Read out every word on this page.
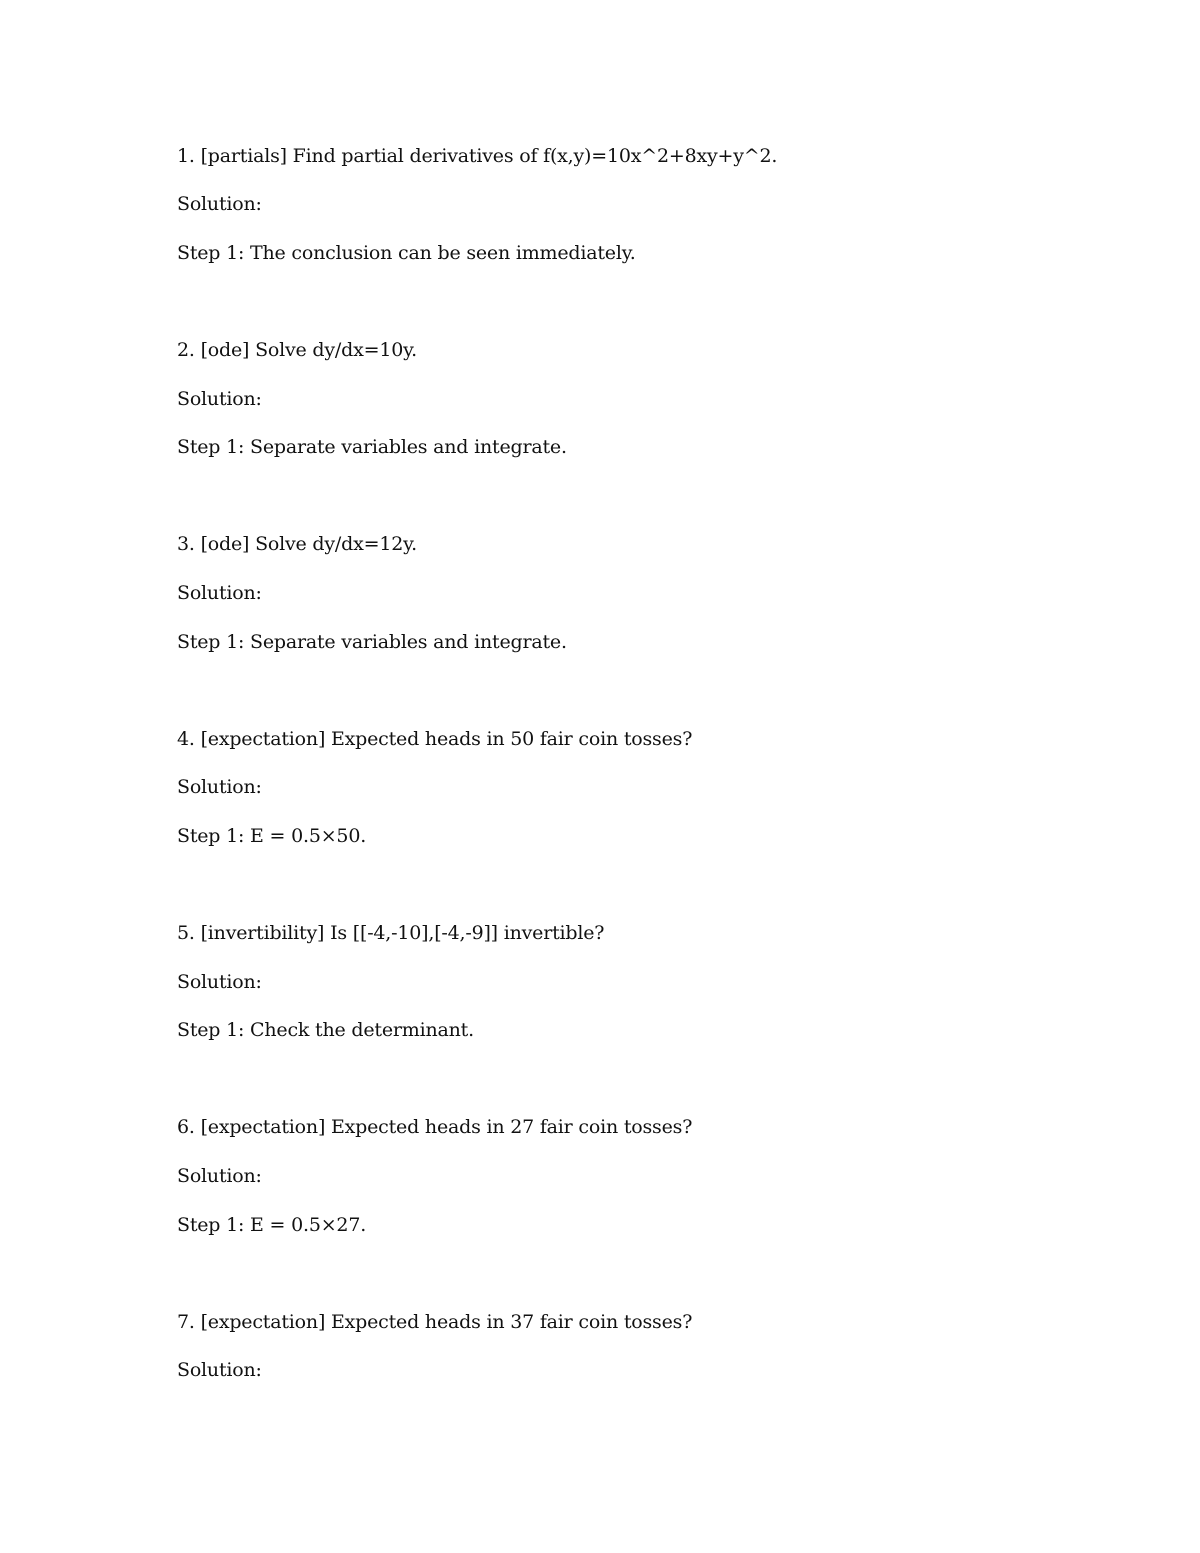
1. [partials] Find partial derivatives of f(x,y)=10x^2+8xy+y^2.
Solution:
Step 1: The conclusion can be seen immediately.
2. [ode] Solve dy/dx=10y.
Solution:
Step 1: Separate variables and integrate.
3. [ode] Solve dy/dx=12y.
Solution:
Step 1: Separate variables and integrate.
4. [expectation] Expected heads in 50 fair coin tosses?
Solution:
Step 1: E = 0.5×50.
5. [invertibility] Is [[-4,-10],[-4,-9]] invertible?
Solution:
Step 1: Check the determinant.
6. [expectation] Expected heads in 27 fair coin tosses?
Solution:
Step 1: E = 0.5×27.
7. [expectation] Expected heads in 37 fair coin tosses?
Solution:
